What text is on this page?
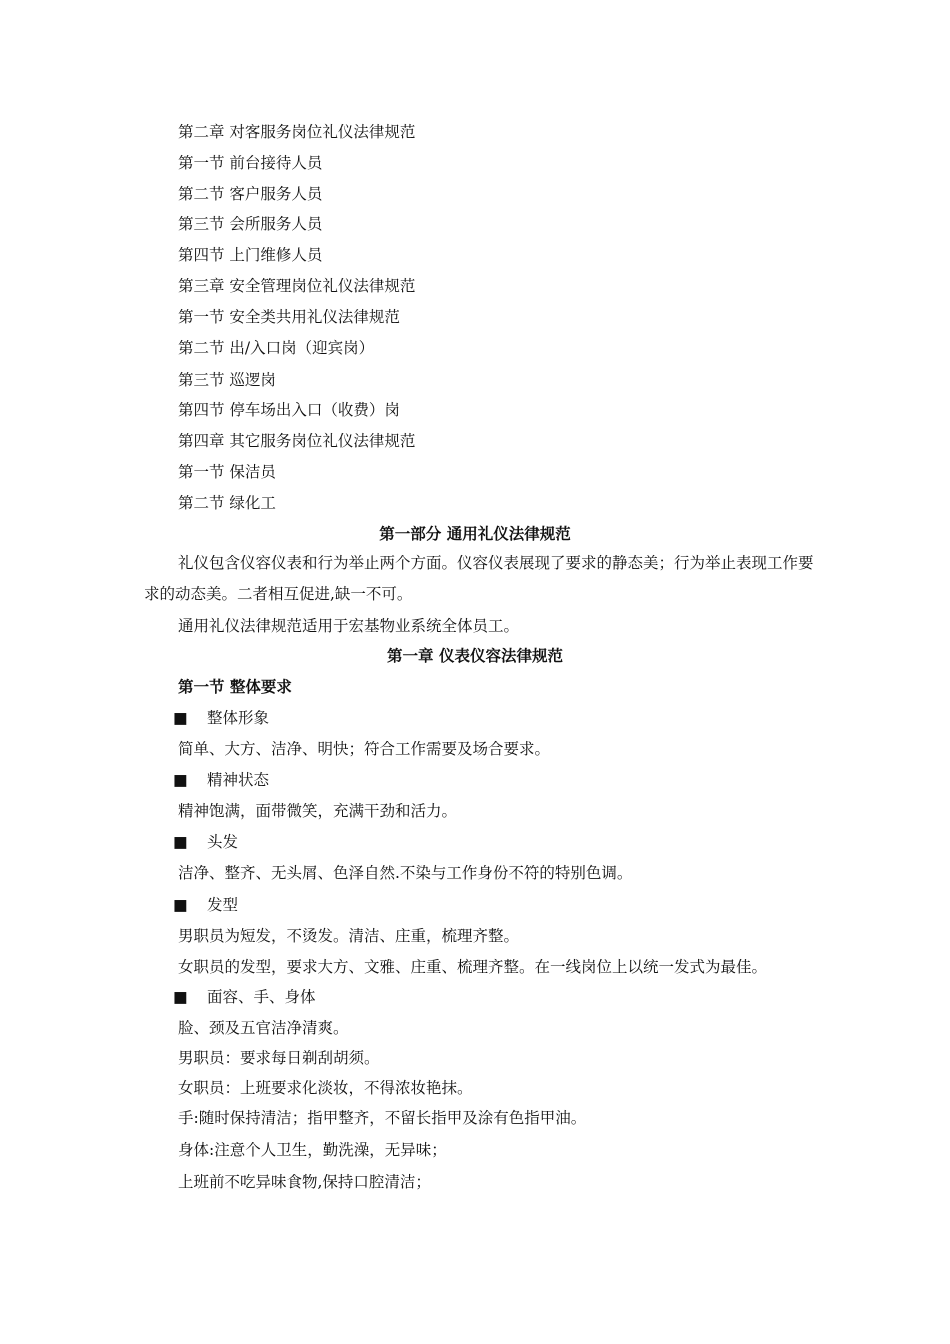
第二章 对客服务岗位礼仪法律规范
第一节 前台接待人员
第二节 客户服务人员
第三节 会所服务人员
第四节 上门维修人员
第三章 安全管理岗位礼仪法律规范
第一节 安全类共用礼仪法律规范
第二节 出/入口岗（迎宾岗）
第三节 巡逻岗
第四节 停车场出入口（收费）岗
第四章 其它服务岗位礼仪法律规范
第一节 保洁员
第二节 绿化工
第一部分 通用礼仪法律规范
礼仪包含仪容仪表和行为举止两个方面。仪容仪表展现了要求的静态美；行为举止表现工作要求的动态美。二者相互促进,缺一不可。
通用礼仪法律规范适用于宏基物业系统全体员工。
第一章 仪表仪容法律规范
第一节 整体要求
■ 整体形象
简单、大方、洁净、明快；符合工作需要及场合要求。
■ 精神状态
精神饱满，面带微笑，充满干劲和活力。
■ 头发
洁净、整齐、无头屑、色泽自然.不染与工作身份不符的特别色调。
■ 发型
男职员为短发，不烫发。清洁、庄重，梳理齐整。
女职员的发型，要求大方、文雅、庄重、梳理齐整。在一线岗位上以统一发式为最佳。
■ 面容、手、身体
脸、颈及五官洁净清爽。
男职员：要求每日剃刮胡须。
女职员：上班要求化淡妆，不得浓妆艳抹。
手:随时保持清洁；指甲整齐，不留长指甲及涂有色指甲油。
身体:注意个人卫生，勤洗澡，无异味；
上班前不吃异味食物,保持口腔清洁；
